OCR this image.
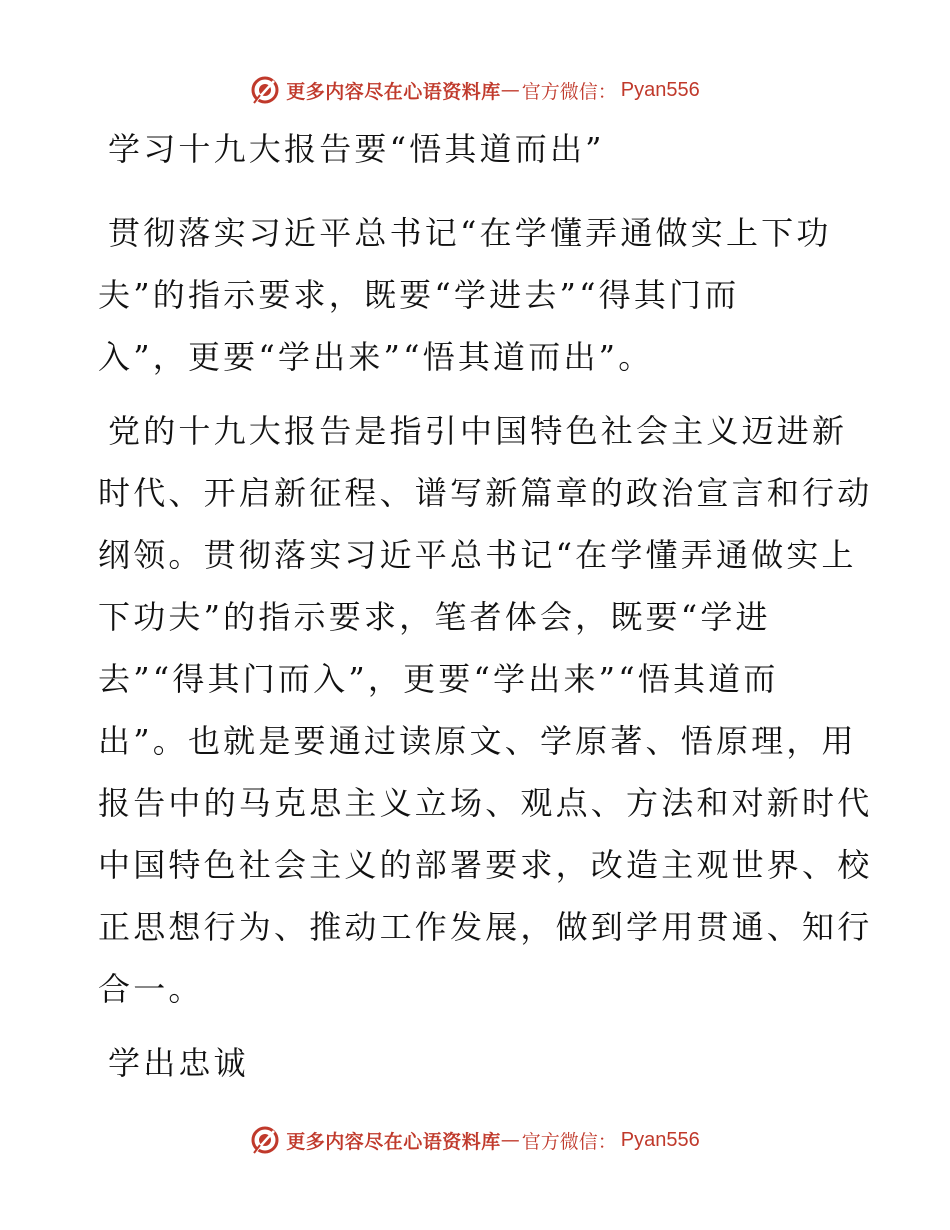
更多内容尽在心语资料库 — 官方微信： Pyan556
学习十九大报告要“悟其道而出”
贯彻落实习近平总书记“在学懂弄通做实上下功
夫”的指示要求，既要“学进去”“得其门而
入”，更要“学出来”“悟其道而出”。
党的十九大报告是指引中国特色社会主义迈进新
时代、开启新征程、谱写新篇章的政治宣言和行动
纲领。贯彻落实习近平总书记“在学懂弄通做实上
下功夫”的指示要求，笔者体会，既要“学进
去”“得其门而入”，更要“学出来”“悟其道而
出”。也就是要通过读原文、学原著、悟原理，用
报告中的马克思主义立场、观点、方法和对新时代
中国特色社会主义的部署要求，改造主观世界、校
正思想行为、推动工作发展，做到学用贯通、知行
合一。
学出忠诚
更多内容尽在心语资料库 — 官方微信： Pyan556
